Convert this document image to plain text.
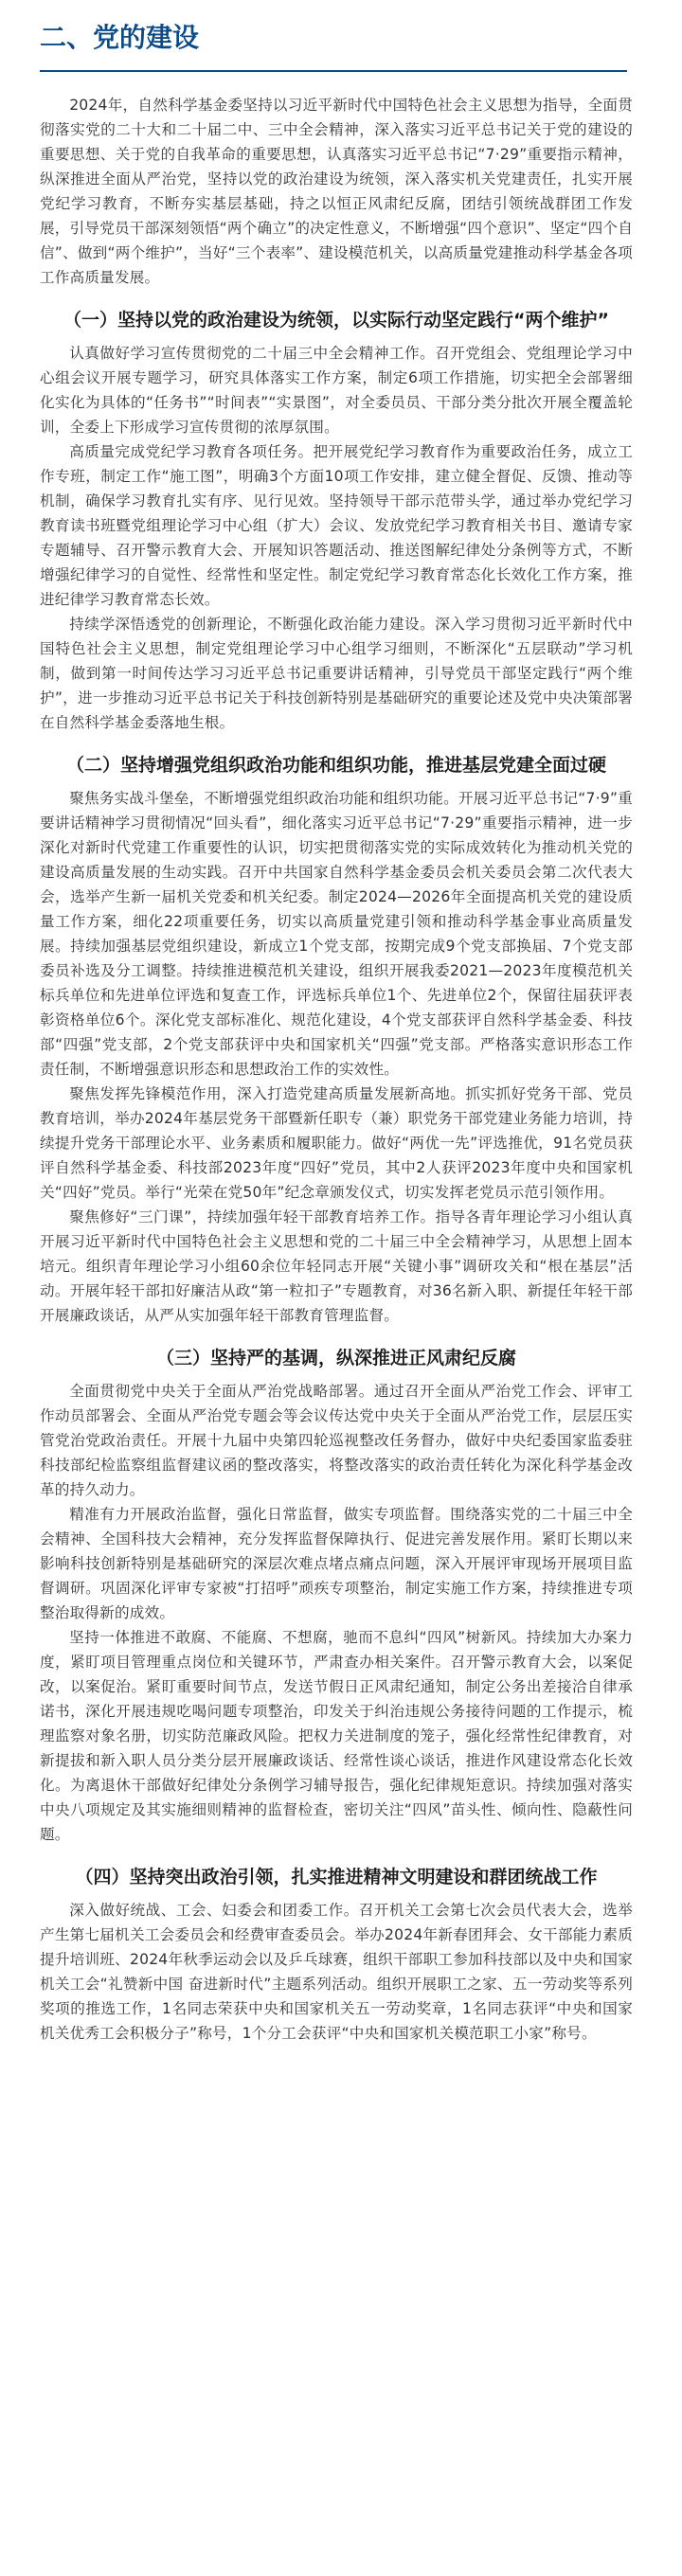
二、党的建设

2024年，自然科学基金委坚持以习近平新时代中国特色社会主义思想为指导，全面贯彻落实党的二十大和二十届二中、三中全会精神，深入落实习近平总书记关于党的建设的重要思想、关于党的自我革命的重要思想，认真落实习近平总书记“7·29”重要指示精神，纵深推进全面从严治党，坚持以党的政治建设为统领，深入落实机关党建责任，扎实开展党纪学习教育，不断夯实基层基础，持之以恒正风肃纪反腐，团结引领统战群团工作发展，引导党员干部深刻领悟“两个确立”的决定性意义，不断增强“四个意识”、坚定“四个自信”、做到“两个维护”，当好“三个表率”、建设模范机关，以高质量党建推动科学基金各项工作高质量发展。

（一）坚持以党的政治建设为统领，以实际行动坚定践行“两个维护”

认真做好学习宣传贯彻党的二十届三中全会精神工作。召开党组会、党组理论学习中心组会议开展专题学习，研究具体落实工作方案，制定6项工作措施，切实把全会部署细化实化为具体的“任务书”“时间表”“实景图”，对全委员员、干部分类分批次开展全覆盖轮训，全委上下形成学习宣传贯彻的浓厚氛围。

高质量完成党纪学习教育各项任务。把开展党纪学习教育作为重要政治任务，成立工作专班，制定工作“施工图”，明确3个方面10项工作安排，建立健全督促、反馈、推动等机制，确保学习教育扎实有序、见行见效。坚持领导干部示范带头学，通过举办党纪学习教育读书班暨党组理论学习中心组（扩大）会议、发放党纪学习教育相关书目、邀请专家专题辅导、召开警示教育大会、开展知识答题活动、推送图解纪律处分条例等方式，不断增强纪律学习的自觉性、经常性和坚定性。制定党纪学习教育常态化长效化工作方案，推进纪律学习教育常态长效。

持续学深悟透党的创新理论，不断强化政治能力建设。深入学习贯彻习近平新时代中国特色社会主义思想，制定党组理论学习中心组学习细则，不断深化“五层联动”学习机制，做到第一时间传达学习习近平总书记重要讲话精神，引导党员干部坚定践行“两个维护”，进一步推动习近平总书记关于科技创新特别是基础研究的重要论述及党中央决策部署在自然科学基金委落地生根。

（二）坚持增强党组织政治功能和组织功能，推进基层党建全面过硬

聚焦务实战斗堡垒，不断增强党组织政治功能和组织功能。开展习近平总书记“7·9”重要讲话精神学习贯彻情况“回头看”，细化落实习近平总书记“7·29”重要指示精神，进一步深化对新时代党建工作重要性的认识，切实把贯彻落实党的实际成效转化为推动机关党的建设高质量发展的生动实践。召开中共国家自然科学基金委员会机关委员会第二次代表大会，选举产生新一届机关党委和机关纪委。制定2024—2026年全面提高机关党的建设质量工作方案，细化22项重要任务，切实以高质量党建引领和推动科学基金事业高质量发展。持续加强基层党组织建设，新成立1个党支部，按期完成9个党支部换届、7个党支部委员补选及分工调整。持续推进模范机关建设，组织开展我委2021—2023年度模范机关标兵单位和先进单位评选和复查工作，评选标兵单位1个、先进单位2个，保留往届获评表彰资格单位6个。深化党支部标准化、规范化建设，4个党支部获评自然科学基金委、科技部“四强”党支部，2个党支部获评中央和国家机关“四强”党支部。严格落实意识形态工作责任制，不断增强意识形态和思想政治工作的实效性。

聚焦发挥先锋模范作用，深入打造党建高质量发展新高地。抓实抓好党务干部、党员教育培训，举办2024年基层党务干部暨新任职专（兼）职党务干部党建业务能力培训，持续提升党务干部理论水平、业务素质和履职能力。做好“两优一先”评选推优，91名党员获评自然科学基金委、科技部2023年度“四好”党员，其中2人获评2023年度中央和国家机关“四好”党员。举行“光荣在党50年”纪念章颁发仪式，切实发挥老党员示范引领作用。

聚焦修好“三门课”，持续加强年轻干部教育培养工作。指导各青年理论学习小组认真开展习近平新时代中国特色社会主义思想和党的二十届三中全会精神学习，从思想上固本培元。组织青年理论学习小组60余位年轻同志开展“关键小事”调研攻关和“根在基层”活动。开展年轻干部扣好廉洁从政“第一粒扣子”专题教育，对36名新入职、新提任年轻干部开展廉政谈话，从严从实加强年轻干部教育管理监督。

（三）坚持严的基调，纵深推进正风肃纪反腐

全面贯彻党中央关于全面从严治党战略部署。通过召开全面从严治党工作会、评审工作动员部署会、全面从严治党专题会等会议传达党中央关于全面从严治党工作，层层压实管党治党政治责任。开展十九届中央第四轮巡视整改任务督办，做好中央纪委国家监委驻科技部纪检监察组监督建议函的整改落实，将整改落实的政治责任转化为深化科学基金改革的持久动力。

精准有力开展政治监督，强化日常监督，做实专项监督。围绕落实党的二十届三中全会精神、全国科技大会精神，充分发挥监督保障执行、促进完善发展作用。紧盯长期以来影响科技创新特别是基础研究的深层次难点堵点痛点问题，深入开展评审现场开展项目监督调研。巩固深化评审专家被“打招呼”顽疾专项整治，制定实施工作方案，持续推进专项整治取得新的成效。

坚持一体推进不敢腐、不能腐、不想腐，驰而不息纠“四风”树新风。持续加大办案力度，紧盯项目管理重点岗位和关键环节，严肃查办相关案件。召开警示教育大会，以案促改，以案促治。紧盯重要时间节点，发送节假日正风肃纪通知，制定公务出差接洽自律承诺书，深化开展违规吃喝问题专项整治，印发关于纠治违规公务接待问题的工作提示，梳理监察对象名册，切实防范廉政风险。把权力关进制度的笼子，强化经常性纪律教育，对新提拔和新入职人员分类分层开展廉政谈话、经常性谈心谈话，推进作风建设常态化长效化。为离退休干部做好纪律处分条例学习辅导报告，强化纪律规矩意识。持续加强对落实中央八项规定及其实施细则精神的监督检查，密切关注“四风”苗头性、倾向性、隐蔽性问题。

（四）坚持突出政治引领，扎实推进精神文明建设和群团统战工作

深入做好统战、工会、妇委会和团委工作。召开机关工会第七次会员代表大会，选举产生第七届机关工会委员会和经费审查委员会。举办2024年新春团拜会、女干部能力素质提升培训班、2024年秋季运动会以及乒乓球赛，组织干部职工参加科技部以及中央和国家机关工会“礼赞新中国 奋进新时代”主题系列活动。组织开展职工之家、五一劳动奖等系列奖项的推选工作，1名同志荣获中央和国家机关五一劳动奖章，1名同志获评“中央和国家机关优秀工会积极分子”称号，1个分工会获评“中央和国家机关模范职工小家”称号。
